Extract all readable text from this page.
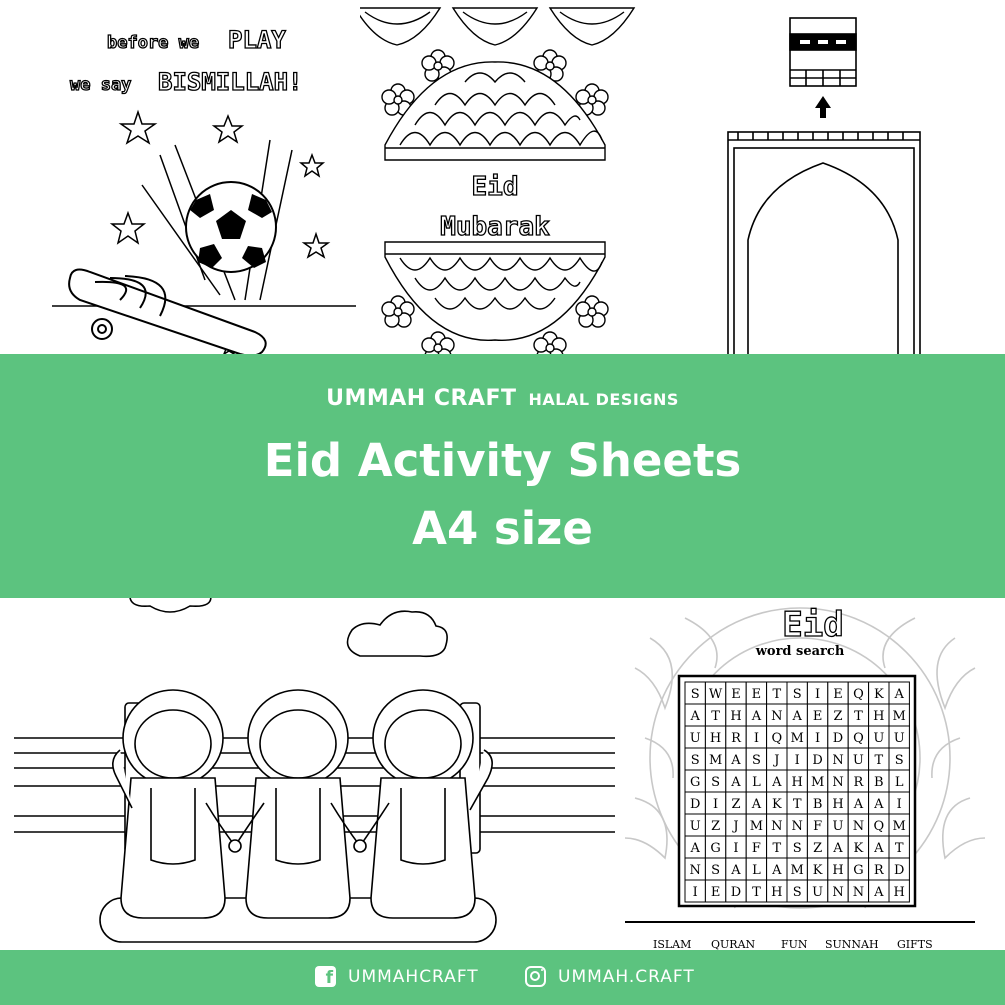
before we PLAY
we say BISMILLAH!
Eid
Mubarak
UMMAH CRAFT HALAL DESIGNS
Eid Activity Sheets
A4 size
Eid
word search
S W E E T S I E Q K A
A T H A N A E Z T H M
U H R I Q M I D Q U U
S M A S J I D N U T S
G S A L A H M N R B L
D I Z A K T B H A A I
U Z J M N N F U N Q M
A G I F T S Z A K A T
N S A L A M K H G R D
I E D T H S U N N A H
ISLAM QURAN FUN SUNNAH GIFTS
f UMMAHCRAFT	UMMAH.CRAFT
